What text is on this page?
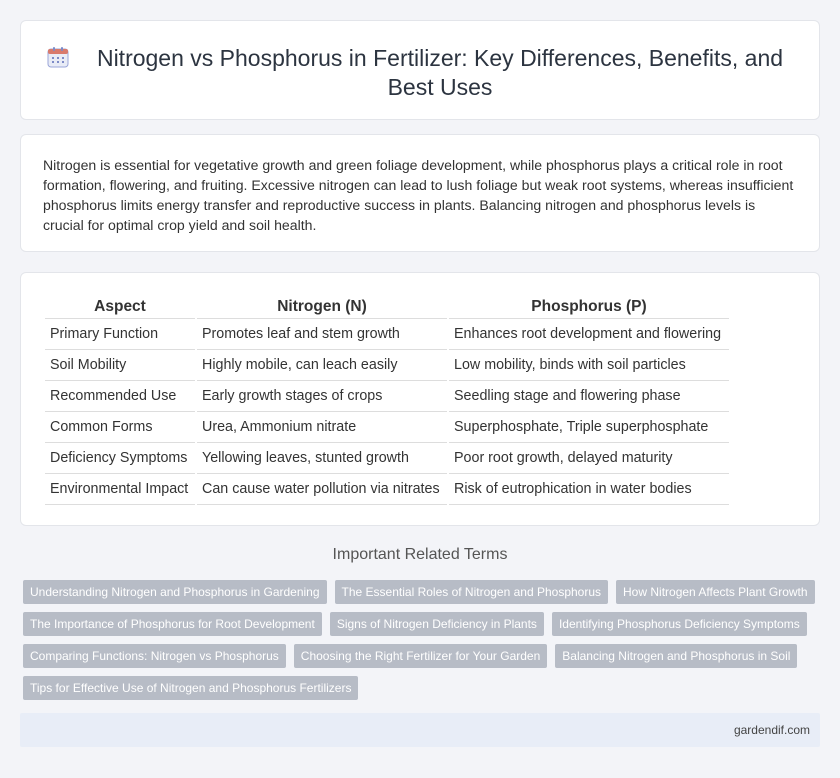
Nitrogen vs Phosphorus in Fertilizer: Key Differences, Benefits, and Best Uses

Nitrogen is essential for vegetative growth and green foliage development, while phosphorus plays a critical role in root formation, flowering, and fruiting. Excessive nitrogen can lead to lush foliage but weak root systems, whereas insufficient phosphorus limits energy transfer and reproductive success in plants. Balancing nitrogen and phosphorus levels is crucial for optimal crop yield and soil health.

Aspect	Nitrogen (N)	Phosphorus (P)
Primary Function	Promotes leaf and stem growth	Enhances root development and flowering
Soil Mobility	Highly mobile, can leach easily	Low mobility, binds with soil particles
Recommended Use	Early growth stages of crops	Seedling stage and flowering phase
Common Forms	Urea, Ammonium nitrate	Superphosphate, Triple superphosphate
Deficiency Symptoms	Yellowing leaves, stunted growth	Poor root growth, delayed maturity
Environmental Impact	Can cause water pollution via nitrates	Risk of eutrophication in water bodies
Important Related Terms
Understanding Nitrogen and Phosphorus in Gardening	The Essential Roles of Nitrogen and Phosphorus	How Nitrogen Affects Plant Growth
The Importance of Phosphorus for Root Development	Signs of Nitrogen Deficiency in Plants	Identifying Phosphorus Deficiency Symptoms
Comparing Functions: Nitrogen vs Phosphorus	Choosing the Right Fertilizer for Your Garden	Balancing Nitrogen and Phosphorus in Soil
Tips for Effective Use of Nitrogen and Phosphorus Fertilizers
gardendif.com
